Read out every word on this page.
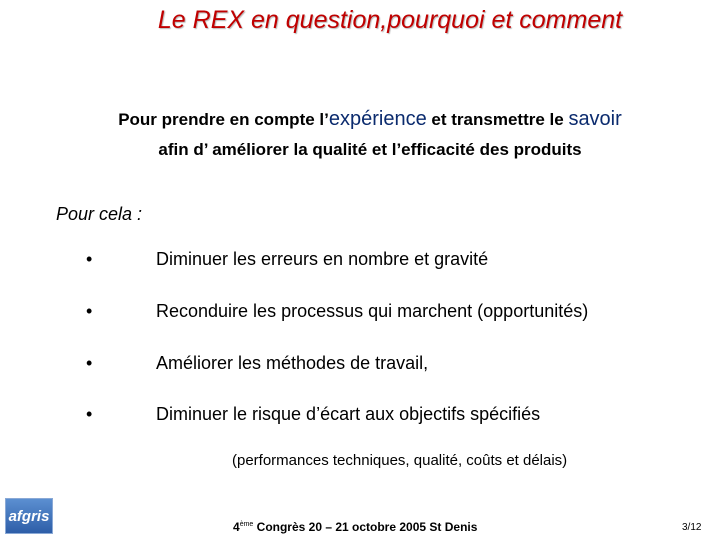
Le REX en question,pourquoi et comment
Pour prendre en compte l’expérience et transmettre le savoir
afin d’ améliorer la qualité et l’efficacité des produits
Pour cela :
•	Diminuer les erreurs en nombre et gravité
•	Reconduire les processus qui marchent (opportunités)
•	Améliorer les méthodes de travail,
•	Diminuer le risque d’écart aux objectifs spécifiés
(performances techniques, qualité, coûts et délais)
afgris
4ème Congrès 20 – 21 octobre 2005 St Denis	3/12
